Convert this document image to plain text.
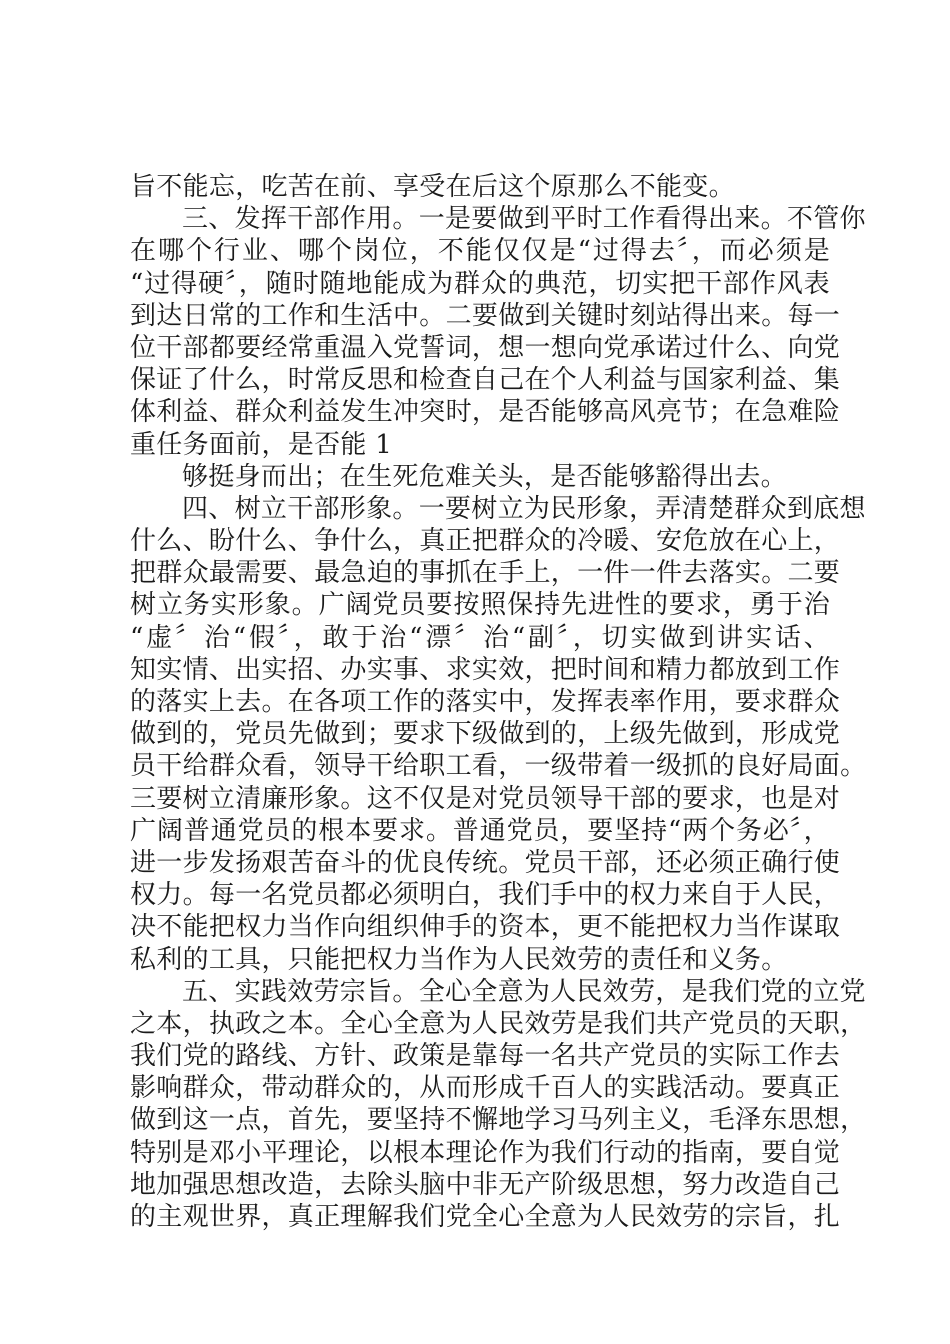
旨不能忘，吃苦在前、享受在后这个原那么不能变。
三、发挥干部作用。一是要做到平时工作看得出来。不管你
在哪个行业、哪个岗位，不能仅仅是“过得去〞，而必须是
“过得硬〞，随时随地能成为群众的典范，切实把干部作风表
到达日常的工作和生活中。二要做到关键时刻站得出来。每一
位干部都要经常重温入党誓词，想一想向党承诺过什么、向党
保证了什么，时常反思和检查自己在个人利益与国家利益、集
体利益、群众利益发生冲突时，是否能够高风亮节；在急难险
重任务面前，是否能 1
够挺身而出；在生死危难关头，是否能够豁得出去。
四、树立干部形象。一要树立为民形象，弄清楚群众到底想
什么、盼什么、争什么，真正把群众的冷暖、安危放在心上，
把群众最需要、最急迫的事抓在手上，一件一件去落实。二要
树立务实形象。广阔党员要按照保持先进性的要求，勇于治
“虚〞治“假〞，敢于治“漂〞治“副〞，切实做到讲实话、
知实情、出实招、办实事、求实效，把时间和精力都放到工作
的落实上去。在各项工作的落实中，发挥表率作用，要求群众
做到的，党员先做到；要求下级做到的，上级先做到，形成党
员干给群众看，领导干给职工看，一级带着一级抓的良好局面。
三要树立清廉形象。这不仅是对党员领导干部的要求，也是对
广阔普通党员的根本要求。普通党员，要坚持“两个务必〞，
进一步发扬艰苦奋斗的优良传统。党员干部，还必须正确行使
权力。每一名党员都必须明白，我们手中的权力来自于人民，
决不能把权力当作向组织伸手的资本，更不能把权力当作谋取
私利的工具，只能把权力当作为人民效劳的责任和义务。
五、实践效劳宗旨。全心全意为人民效劳，是我们党的立党
之本，执政之本。全心全意为人民效劳是我们共产党员的天职，
我们党的路线、方针、政策是靠每一名共产党员的实际工作去
影响群众，带动群众的，从而形成千百人的实践活动。要真正
做到这一点，首先，要坚持不懈地学习马列主义，毛泽东思想，
特别是邓小平理论，以根本理论作为我们行动的指南，要自觉
地加强思想改造，去除头脑中非无产阶级思想，努力改造自己
的主观世界，真正理解我们党全心全意为人民效劳的宗旨，扎
